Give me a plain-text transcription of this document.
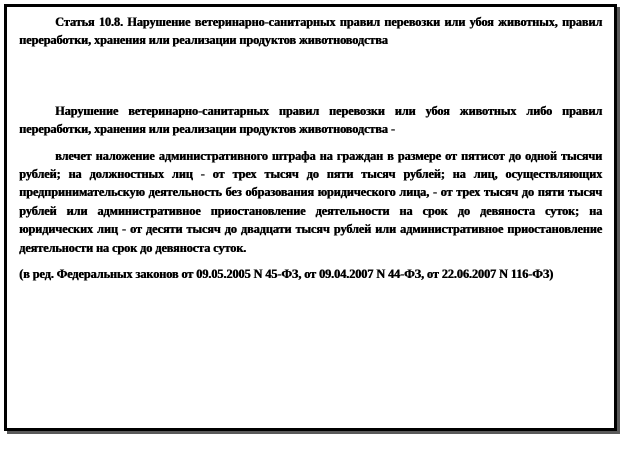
Статья 10.8. Нарушение ветеринарно-санитарных правил перевозки или убоя животных, правил переработки, хранения или реализации продуктов животноводства

Нарушение ветеринарно-санитарных правил перевозки или убоя животных либо правил переработки, хранения или реализации продуктов животноводства -

влечет наложение административного штрафа на граждан в размере от пятисот до одной тысячи рублей; на должностных лиц - от трех тысяч до пяти тысяч рублей; на лиц, осуществляющих предпринимательскую деятельность без образования юридического лица, - от трех тысяч до пяти тысяч рублей или административное приостановление деятельности на срок до девяноста суток; на юридических лиц - от десяти тысяч до двадцати тысяч рублей или административное приостановление деятельности на срок до девяноста суток.

(в ред. Федеральных законов от 09.05.2005 N 45-ФЗ, от 09.04.2007 N 44-ФЗ, от 22.06.2007 N 116-ФЗ)
